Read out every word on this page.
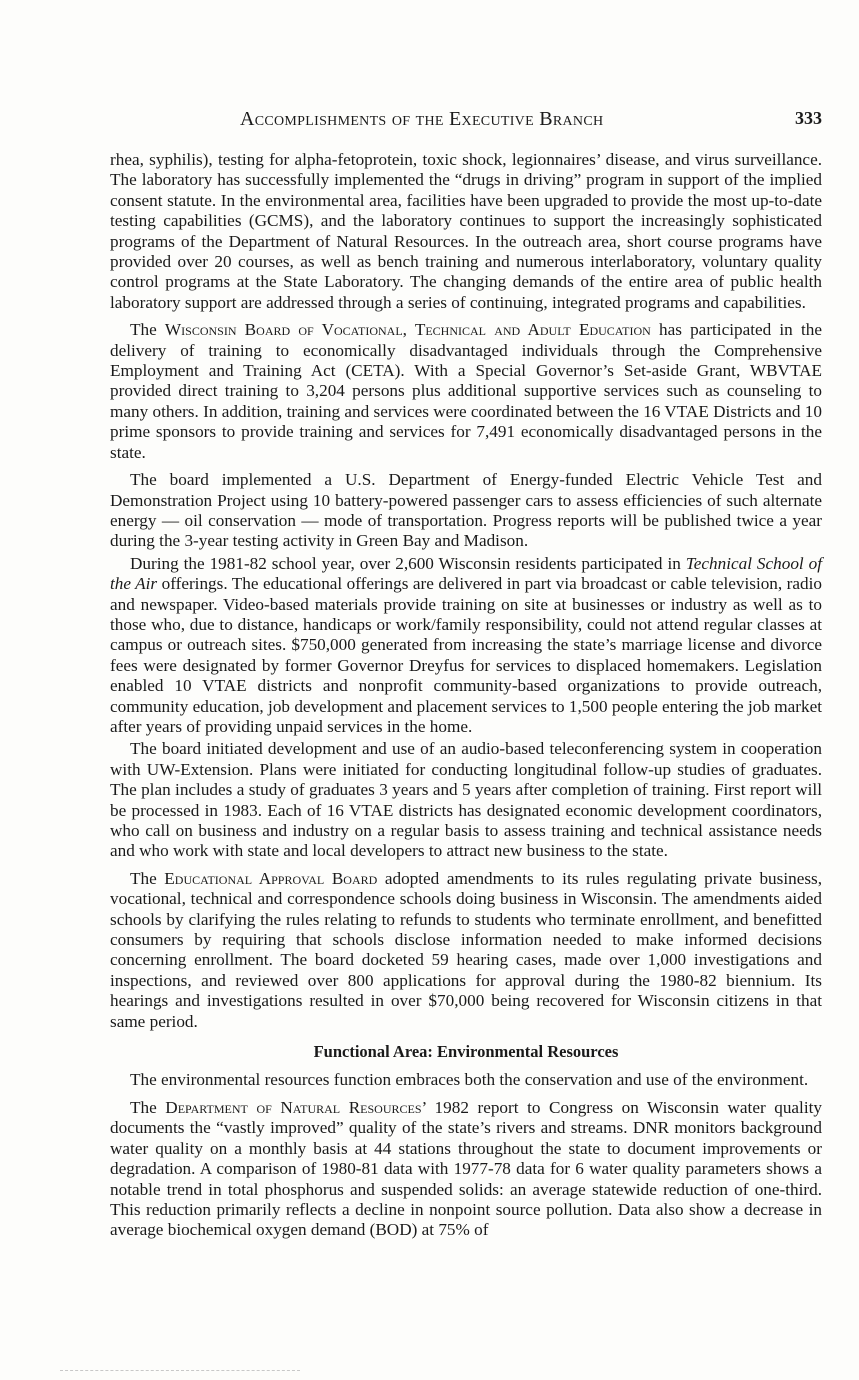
Accomplishments of the Executive Branch	333

rhea, syphilis), testing for alpha-fetoprotein, toxic shock, legionnaires’ disease, and virus surveillance. The laboratory has successfully implemented the “drugs in driving” program in support of the implied consent statute. In the environmental area, facilities have been upgraded to provide the most up-to-date testing capabilities (GCMS), and the laboratory continues to support the increasingly sophisticated programs of the Department of Natural Resources. In the outreach area, short course programs have provided over 20 courses, as well as bench training and numerous interlaboratory, voluntary quality control programs at the State Laboratory. The changing demands of the entire area of public health laboratory support are addressed through a series of continuing, integrated programs and capabilities.

The Wisconsin Board of Vocational, Technical and Adult Education has participated in the delivery of training to economically disadvantaged individuals through the Comprehensive Employment and Training Act (CETA). With a Special Governor’s Set-aside Grant, WBVTAE provided direct training to 3,204 persons plus additional supportive services such as counseling to many others. In addition, training and services were coordinated between the 16 VTAE Districts and 10 prime sponsors to provide training and services for 7,491 economically disadvantaged persons in the state.

The board implemented a U.S. Department of Energy-funded Electric Vehicle Test and Demonstration Project using 10 battery-powered passenger cars to assess efficiencies of such alternate energy — oil conservation — mode of transportation. Progress reports will be published twice a year during the 3-year testing activity in Green Bay and Madison.

During the 1981-82 school year, over 2,600 Wisconsin residents participated in Technical School of the Air offerings. The educational offerings are delivered in part via broadcast or cable television, radio and newspaper. Video-based materials provide training on site at businesses or industry as well as to those who, due to distance, handicaps or work/family responsibility, could not attend regular classes at campus or outreach sites. $750,000 generated from increasing the state’s marriage license and divorce fees were designated by former Governor Dreyfus for services to displaced homemakers. Legislation enabled 10 VTAE districts and nonprofit community-based organizations to provide outreach, community education, job development and placement services to 1,500 people entering the job market after years of providing unpaid services in the home.

The board initiated development and use of an audio-based teleconferencing system in cooperation with UW-Extension. Plans were initiated for conducting longitudinal follow-up studies of graduates. The plan includes a study of graduates 3 years and 5 years after completion of training. First report will be processed in 1983. Each of 16 VTAE districts has designated economic development coordinators, who call on business and industry on a regular basis to assess training and technical assistance needs and who work with state and local developers to attract new business to the state.

The Educational Approval Board adopted amendments to its rules regulating private business, vocational, technical and correspondence schools doing business in Wisconsin. The amendments aided schools by clarifying the rules relating to refunds to students who terminate enrollment, and benefitted consumers by requiring that schools disclose information needed to make informed decisions concerning enrollment. The board docketed 59 hearing cases, made over 1,000 investigations and inspections, and reviewed over 800 applications for approval during the 1980-82 biennium. Its hearings and investigations resulted in over $70,000 being recovered for Wisconsin citizens in that same period.

Functional Area: Environmental Resources

The environmental resources function embraces both the conservation and use of the environment.

The Department of Natural Resources’ 1982 report to Congress on Wisconsin water quality documents the “vastly improved” quality of the state’s rivers and streams. DNR monitors background water quality on a monthly basis at 44 stations throughout the state to document improvements or degradation. A comparison of 1980-81 data with 1977-78 data for 6 water quality parameters shows a notable trend in total phosphorus and suspended solids: an average statewide reduction of one-third. This reduction primarily reflects a decline in nonpoint source pollution. Data also show a decrease in average biochemical oxygen demand (BOD) at 75% of
